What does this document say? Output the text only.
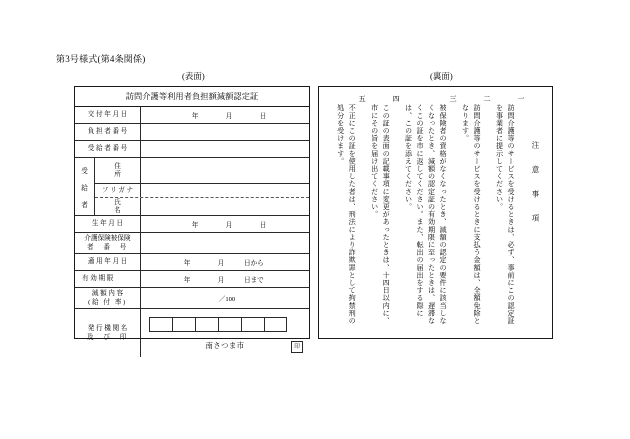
第3号様式(第4条関係)
(表面)	(裏面)
訪問介護等利用者負担額減額認定証
交 付 年 月 日	年	月	日
負 担 者 番 号
受 給 者 番 号
受
給
者
住　　　所
フ リ ガ ナ
氏　　　名
生 年 月 日	年	月	日
介護保険被保険
者　番　号
適 用 年 月 日	年	月	日から
有 効 期 限	年	月	日まで
減 額 内 容
(給 付 率)	／100
発 行 機 関 名
及　び　印
南さつま市	印
注 意 事 項
一
訪問介護等のサービスを受けるときは、必ず、事前にこの認定証を事業者に提示してください。
二
訪問介護等のサービスを受けるときに支払う金額は、全額免除となります。
三
被保険者の資格がなくなったとき、減額の認定の要件に該当しなくなったとき、減額の認定証の有効期限に至ったときは、遅滞なくこの証を市に返してください。また、転出の届出をする際には、この証を添えてください。
四
この証の表面の記載事項に変更があったときは、十四日以内に、市にその旨を届け出てください。
五
不正にこの証を使用した者は、刑法により詐欺罪として拘禁刑の処分を受けます。
